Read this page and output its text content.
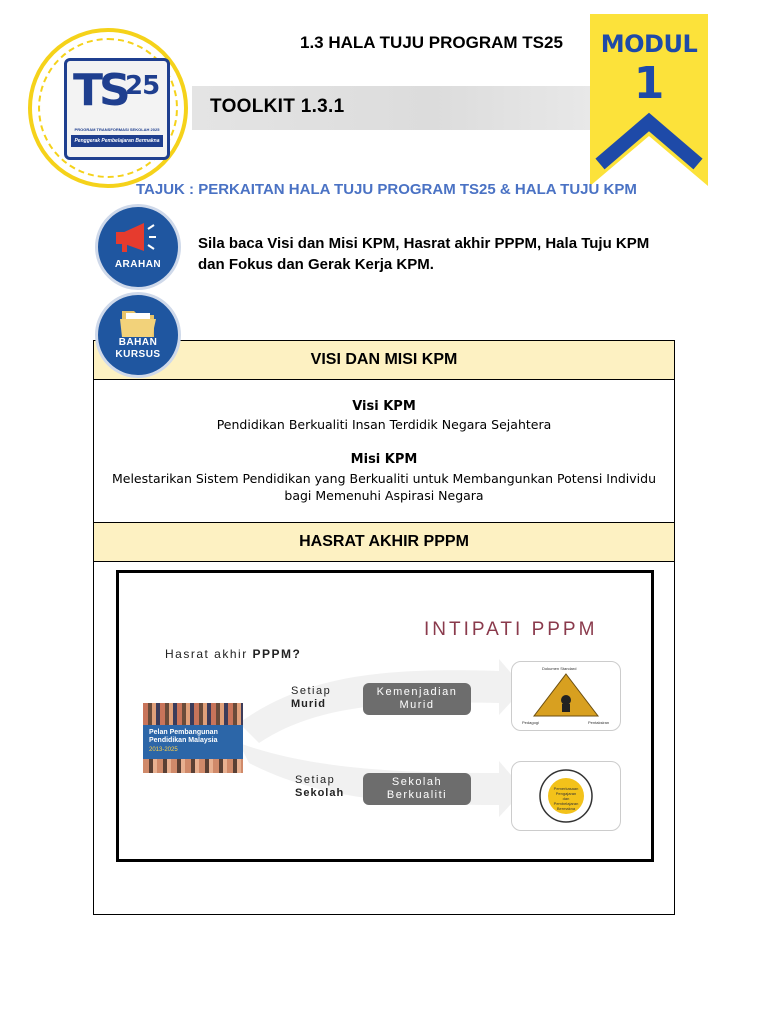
TS
25
PROGRAM TRANSFORMASI SEKOLAH 2025
Penggerak Pembelajaran Bermakna
1.3 HALA TUJU PROGRAM TS25
TOOLKIT 1.3.1
MODUL
1
TAJUK : PERKAITAN HALA TUJU PROGRAM TS25 & HALA TUJU KPM
ARAHAN
Sila baca Visi dan Misi KPM, Hasrat akhir PPPM, Hala Tuju KPM dan Fokus dan Gerak Kerja KPM.
BAHAN
KURSUS	VISI DAN MISI KPM
Visi KPM
Pendidikan Berkualiti Insan Terdidik Negara Sejahtera
Misi KPM
Melestarikan Sistem Pendidikan yang Berkualiti untuk Membangunkan Potensi Individu
bagi Memenuhi Aspirasi Negara
HASRAT AKHIR PPPM
INTIPATI PPPM
Hasrat akhir PPPM?
Pelan Pembangunan
Pendidikan Malaysia
2013-2025
Setiap
Murid
Kemenjadian
Murid
Setiap
Sekolah
Sekolah
Berkualiti
Dokumen Standard
Pedagogi	Pentaksiran
Pemerkasaan Pengajaran dan Pembelajaran Bermakna
